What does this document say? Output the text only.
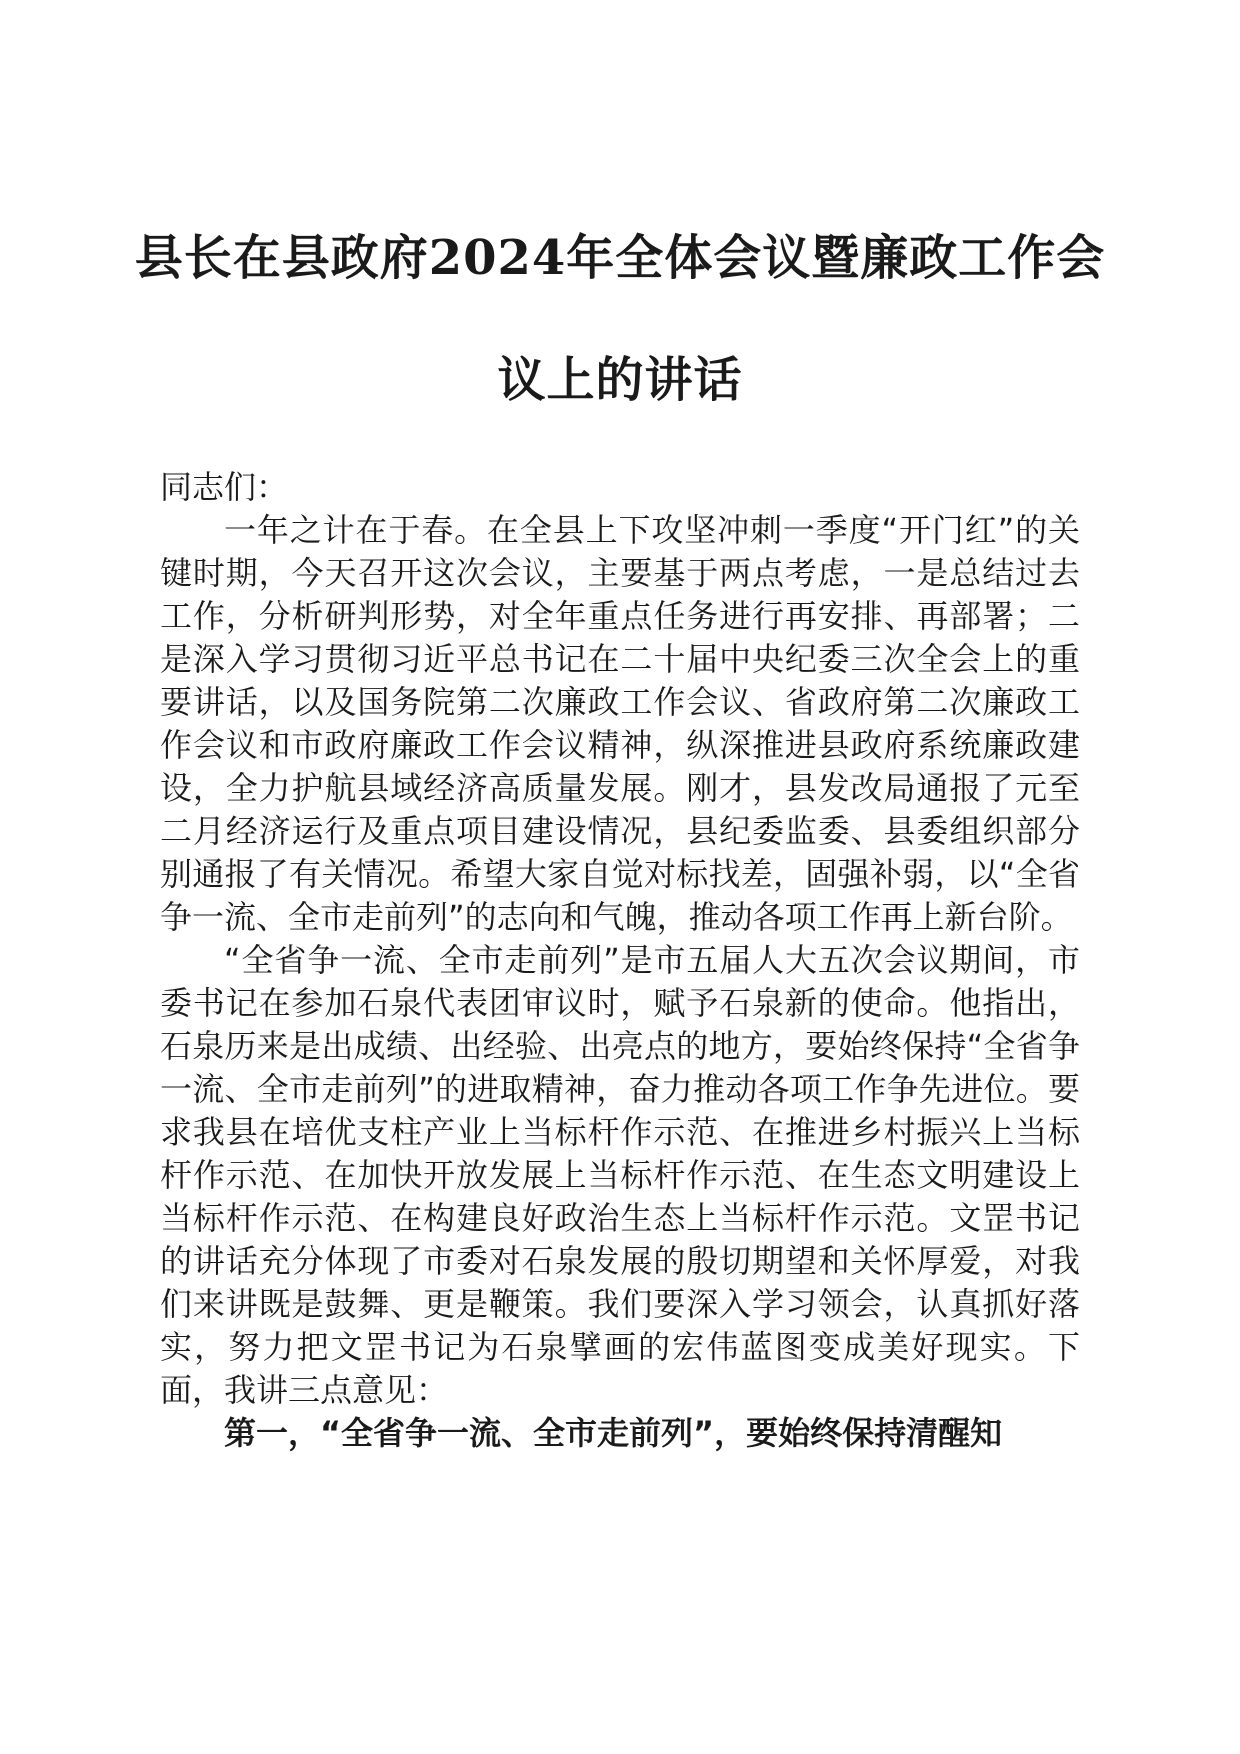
县长在县政府2024年全体会议暨廉政工作会
议上的讲话

同志们：

一年之计在于春。在全县上下攻坚冲刺一季度“开门红”的关键时期，今天召开这次会议，主要基于两点考虑，一是总结过去工作，分析研判形势，对全年重点任务进行再安排、再部署；二是深入学习贯彻习近平总书记在二十届中央纪委三次全会上的重要讲话，以及国务院第二次廉政工作会议、省政府第二次廉政工作会议和市政府廉政工作会议精神，纵深推进县政府系统廉政建设，全力护航县域经济高质量发展。刚才，县发改局通报了元至二月经济运行及重点项目建设情况，县纪委监委、县委组织部分别通报了有关情况。希望大家自觉对标找差，固强补弱，以“全省争一流、全市走前列”的志向和气魄，推动各项工作再上新台阶。

“全省争一流、全市走前列”是市五届人大五次会议期间，市委书记在参加石泉代表团审议时，赋予石泉新的使命。他指出，石泉历来是出成绩、出经验、出亮点的地方，要始终保持“全省争一流、全市走前列”的进取精神，奋力推动各项工作争先进位。要求我县在培优支柱产业上当标杆作示范、在推进乡村振兴上当标杆作示范、在加快开放发展上当标杆作示范、在生态文明建设上当标杆作示范、在构建良好政治生态上当标杆作示范。文罡书记的讲话充分体现了市委对石泉发展的殷切期望和关怀厚爱，对我们来讲既是鼓舞、更是鞭策。我们要深入学习领会，认真抓好落实，努力把文罡书记为石泉擘画的宏伟蓝图变成美好现实。下面，我讲三点意见：

第一，“全省争一流、全市走前列”，要始终保持清醒知
